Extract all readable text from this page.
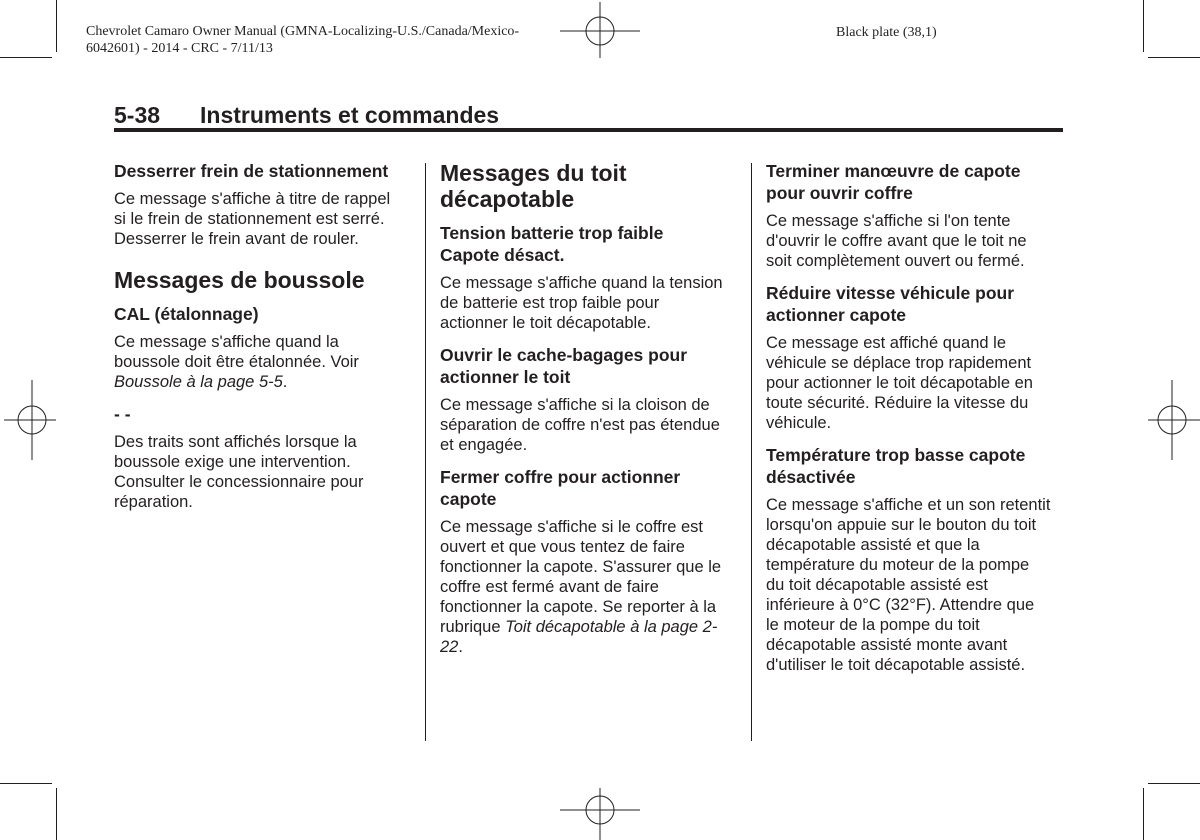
Chevrolet Camaro Owner Manual (GMNA-Localizing-U.S./Canada/Mexico-
6042601) - 2014 - CRC - 7/11/13
Black plate (38,1)
5-38 Instruments et commandes
Desserrer frein de stationnement

Ce message s'affiche à titre de rappel si le frein de stationnement est serré. Desserrer le frein avant de rouler.

Messages de boussole
CAL (étalonnage)

Ce message s'affiche quand la boussole doit être étalonnée. Voir Boussole à la page 5-5.

- -

Des traits sont affichés lorsque la boussole exige une intervention. Consulter le concessionnaire pour réparation.

Messages du toit décapotable
Tension batterie trop faible Capote désact.

Ce message s'affiche quand la tension de batterie est trop faible pour actionner le toit décapotable.

Ouvrir le cache-bagages pour actionner le toit

Ce message s'affiche si la cloison de séparation de coffre n'est pas étendue et engagée.

Fermer coffre pour actionner capote

Ce message s'affiche si le coffre est ouvert et que vous tentez de faire fonctionner la capote. S'assurer que le coffre est fermé avant de faire fonctionner la capote. Se reporter à la rubrique Toit décapotable à la page 2-22.

Terminer manœuvre de capote pour ouvrir coffre

Ce message s'affiche si l'on tente d'ouvrir le coffre avant que le toit ne soit complètement ouvert ou fermé.

Réduire vitesse véhicule pour actionner capote

Ce message est affiché quand le véhicule se déplace trop rapidement pour actionner le toit décapotable en toute sécurité. Réduire la vitesse du véhicule.

Température trop basse capote désactivée

Ce message s'affiche et un son retentit lorsqu'on appuie sur le bouton du toit décapotable assisté et que la température du moteur de la pompe du toit décapotable assisté est inférieure à 0°C (32°F). Attendre que le moteur de la pompe du toit décapotable assisté monte avant d'utiliser le toit décapotable assisté.
